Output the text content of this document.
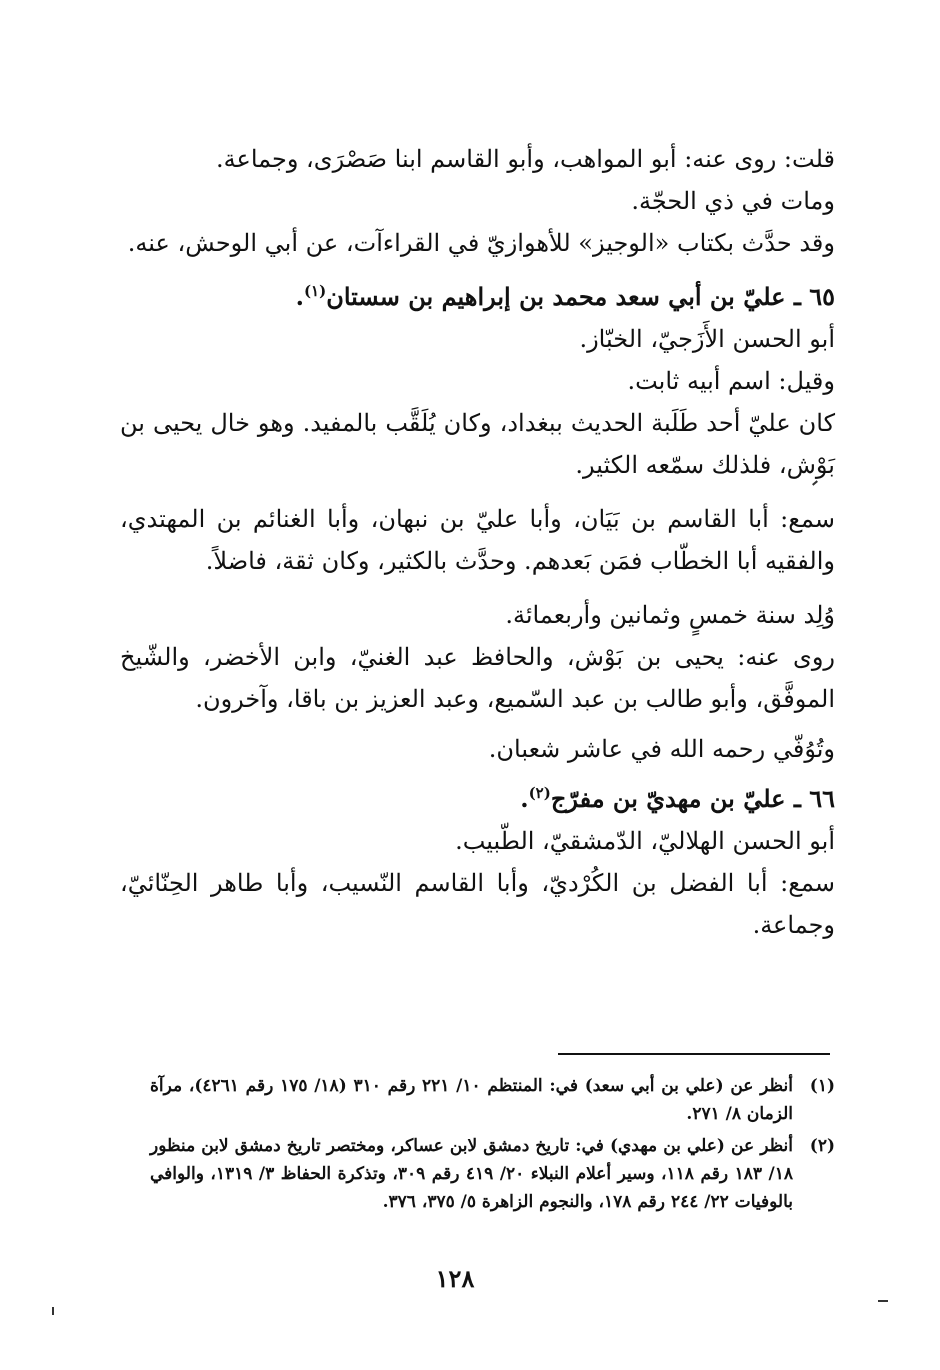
قلت: روى عنه: أبو المواهب، وأبو القاسم ابنا صَصْرَى، وجماعة.

ومات في ذي الحجّة.

وقد حدَّث بكتاب «الوجيز» للأهوازيّ في القراءآت، عن أبي الوحش، عنه.

٦٥ ـ عليّ بن أبي سعد محمد بن إبراهيم بن سستان$^{(١)}$.

أبو الحسن الأَزَجيّ، الخبّاز.

وقيل: اسم أبيه ثابت.

كان عليّ أحد طَلَبة الحديث ببغداد، وكان يُلَقَّب بالمفيد. وهو خال يحيى بن بَوْش، فلذلك سمّعه الكثير.

سمع: أبا القاسم بن بَيَان، وأبا عليّ بن نبهان، وأبا الغنائم بن المهتدي، والفقيه أبا الخطّاب فمَن بَعدهم. وحدَّث بالكثير، وكان ثقة، فاضلاً.

وُلِد سنة خمسٍ وثمانين وأربعمائة.

روى عنه: يحيى بن بَوْش، والحافظ عبد الغنيّ، وابن الأخضر، والشّيخ الموفَّق، وأبو طالب بن عبد السّميع، وعبد العزيز بن باقا، وآخرون.

وتُوُفّي رحمه الله في عاشر شعبان.

٦٦ ـ عليّ بن مهديّ بن مفرّج$^{(٢)}$.

أبو الحسن الهلاليّ، الدّمشقيّ، الطّبيب.

سمع: أبا الفضل بن الكُرْديّ، وأبا القاسم النّسيب، وأبا طاهر الحِنّائيّ، وجماعة.

(١)
أنظر عن (علي بن أبي سعد) في: المنتظم ١٠/ ٢٢١ رقم ٣١٠ (١٨/ ١٧٥ رقم ٤٢٦١)، مرآة الزمان ٨/ ٢٧١.
(٢)
أنظر عن (علي بن مهدي) في: تاريخ دمشق لابن عساكر، ومختصر تاريخ دمشق لابن منظور ١٨/ ١٨٣ رقم ١١٨، وسير أعلام النبلاء ٢٠/ ٤١٩ رقم ٣٠٩، وتذكرة الحفاظ ٣/ ١٣١٩، والوافي بالوفيات ٢٢/ ٢٤٤ رقم ١٧٨، والنجوم الزاهرة ٥/ ٣٧٥، ٣٧٦.
١٢٨
